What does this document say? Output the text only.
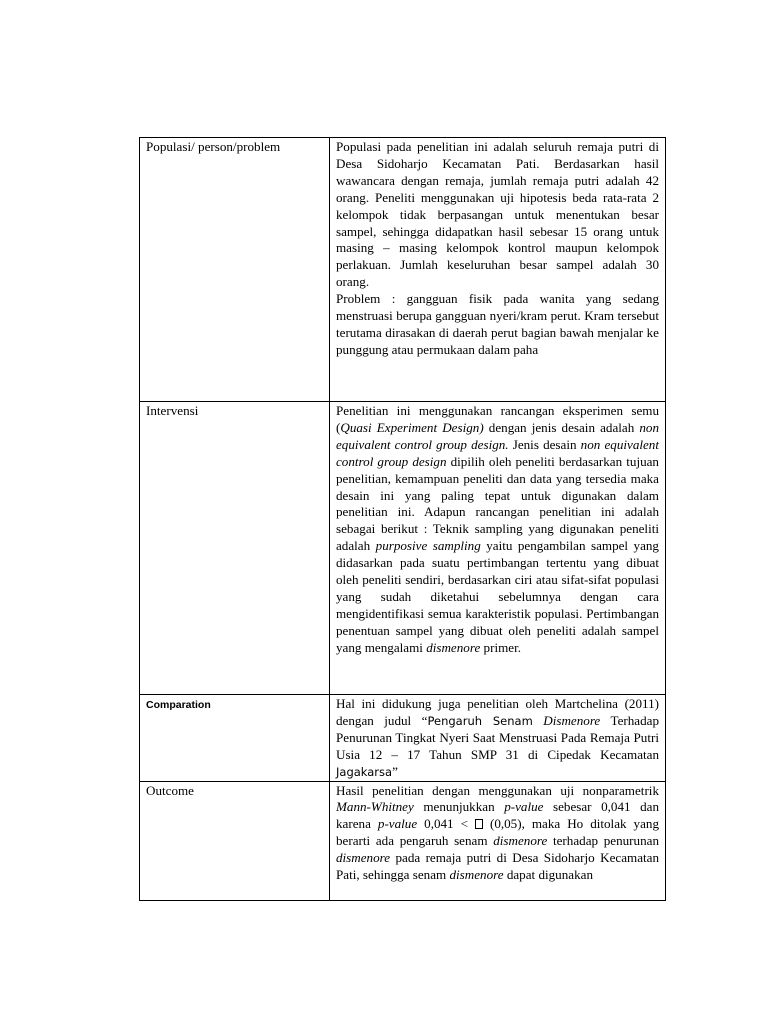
Populasi/ person/problem	Populasi pada penelitian ini adalah seluruh remaja putri di Desa Sidoharjo Kecamatan Pati. Berdasarkan hasil wawancara dengan remaja, jumlah remaja putri adalah 42 orang. Peneliti menggunakan uji hipotesis beda rata-rata 2 kelompok tidak berpasangan untuk menentukan besar sampel, sehingga didapatkan hasil sebesar 15 orang untuk masing – masing kelompok kontrol maupun kelompok perlakuan. Jumlah keseluruhan besar sampel adalah 30 orang.

Problem : gangguan fisik pada wanita yang sedang menstruasi berupa gangguan nyeri/kram perut. Kram tersebut terutama dirasakan di daerah perut bagian bawah menjalar ke punggung atau permukaan dalam paha

Intervensi	Penelitian ini menggunakan rancangan eksperimen semu (Quasi Experiment Design) dengan jenis desain adalah non equivalent control group design. Jenis desain non equivalent control group design dipilih oleh peneliti berdasarkan tujuan penelitian, kemampuan peneliti dan data yang tersedia maka desain ini yang paling tepat untuk digunakan dalam penelitian ini. Adapun rancangan penelitian ini adalah sebagai berikut : Teknik sampling yang digunakan peneliti adalah purposive sampling yaitu pengambilan sampel yang didasarkan pada suatu pertimbangan tertentu yang dibuat oleh peneliti sendiri, berdasarkan ciri atau sifat-sifat populasi yang sudah diketahui sebelumnya dengan cara mengidentifikasi semua karakteristik populasi. Pertimbangan penentuan sampel yang dibuat oleh peneliti adalah sampel yang mengalami dismenore primer.
Comparation	Hal ini didukung juga penelitian oleh Martchelina (2011) dengan judul “Pengaruh Senam Dismenore Terhadap Penurunan Tingkat Nyeri Saat Menstruasi Pada Remaja Putri Usia 12 – 17 Tahun SMP 31 di Cipedak Kecamatan Jagakarsa”
Outcome	Hasil penelitian dengan menggunakan uji nonparametrik Mann-Whitney menunjukkan p-value sebesar 0,041 dan karena p-value 0,041 <  (0,05), maka Ho ditolak yang berarti ada pengaruh senam dismenore terhadap penurunan dismenore pada remaja putri di Desa Sidoharjo Kecamatan Pati, sehingga senam dismenore dapat digunakan
